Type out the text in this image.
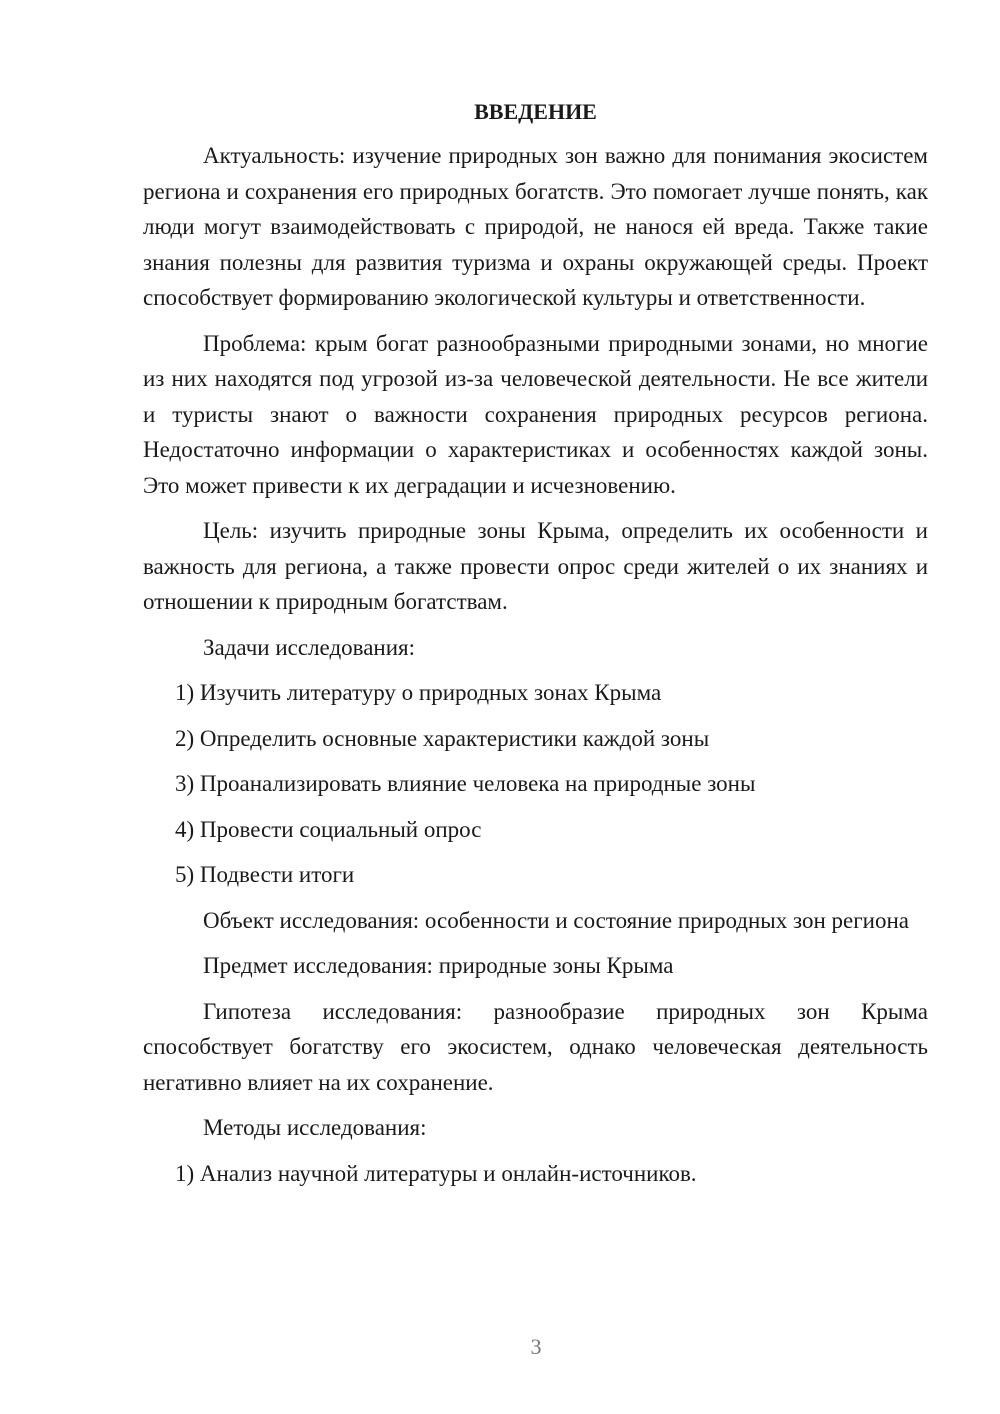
ВВЕДЕНИЕ

Актуальность: изучение природных зон важно для понимания экосистем региона и сохранения его природных богатств. Это помогает лучше понять, как люди могут взаимодействовать с природой, не нанося ей вреда. Также такие знания полезны для развития туризма и охраны окружающей среды. Проект способствует формированию экологической культуры и ответственности.

Проблема: крым богат разнообразными природными зонами, но многие из них находятся под угрозой из-за человеческой деятельности. Не все жители и туристы знают о важности сохранения природных ресурсов региона. Недостаточно информации о характеристиках и особенностях каждой зоны. Это может привести к их деградации и исчезновению.

Цель: изучить природные зоны Крыма, определить их особенности и важность для региона, а также провести опрос среди жителей о их знаниях и отношении к природным богатствам.

Задачи исследования:
1) Изучить литературу о природных зонах Крыма
2) Определить основные характеристики каждой зоны
3) Проанализировать влияние человека на природные зоны
4) Провести социальный опрос
5) Подвести итоги

Объект исследования: особенности и состояние природных зон региона

Предмет исследования: природные зоны Крыма

Гипотеза исследования: разнообразие природных зон Крыма способствует богатству его экосистем, однако человеческая деятельность негативно влияет на их сохранение.

Методы исследования:
1) Анализ научной литературы и онлайн-источников.
3
